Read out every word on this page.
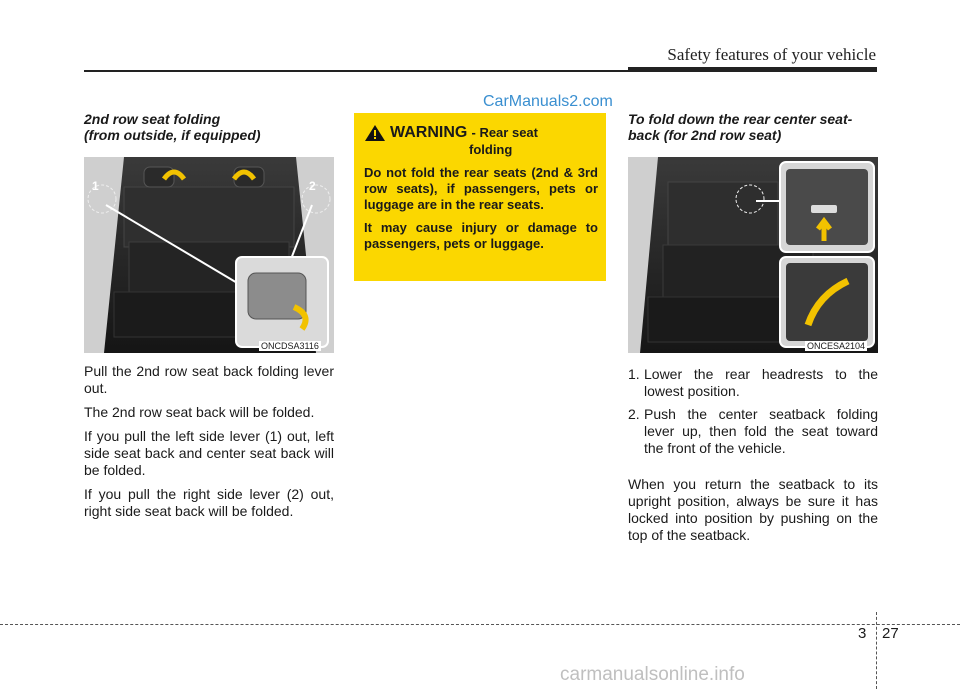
Safety features of your vehicle
CarManuals2.com
2nd row seat folding
(from outside, if equipped)
1	2
ONCDSA3116
Pull the 2nd row seat back folding lever out.
The 2nd row seat back will be folded.
If you pull the left side lever (1) out, left side seat back and center seat back will be folded.
If you pull the right side lever (2) out, right side seat back will be folded.
WARNING - Rear seat
folding
Do not fold the rear seats (2nd & 3rd row seats), if passengers, pets or luggage are in the rear seats.
It may cause injury or damage to passengers, pets or luggage.
To fold down the rear center seat-
back (for 2nd row seat)
ONCESA2104
1. Lower the rear headrests to the lowest position.
2. Push the center seatback folding lever up, then fold the seat toward the front of the vehicle.
When you return the seatback to its upright position, always be sure it has locked into position by pushing on the top of the seatback.
3 27
carmanualsonline.info
